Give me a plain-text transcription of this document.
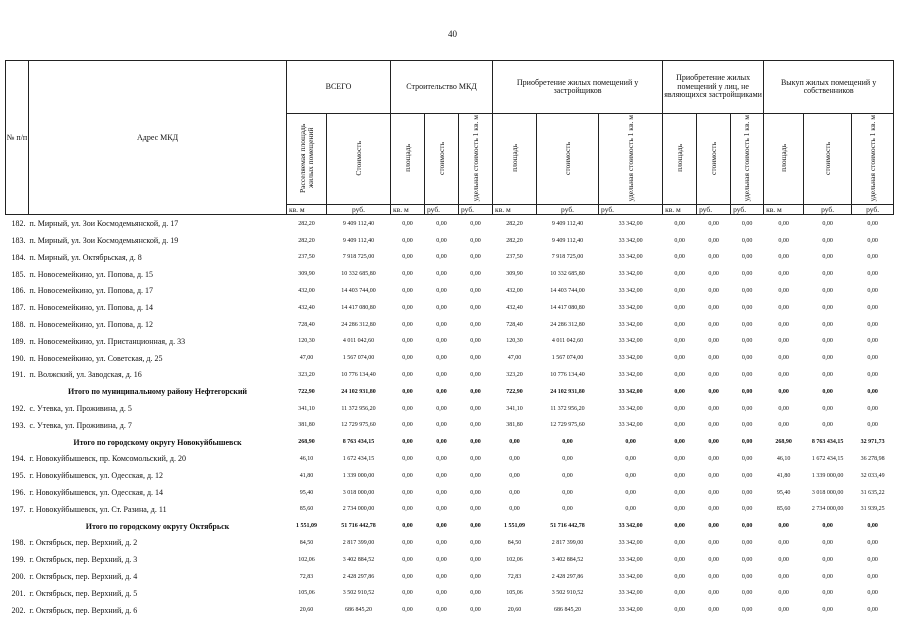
40
№ п/п	Адрес МКД	ВСЕГО		Строительство МКД			Приобретение жилых помещений у застройщиков			Приобретение жилых помещений у лиц, не являющихся застройщиками			Выкуп жилых помещений у собственников		
		Расселяемая площадь жилых помещений	Стоимость	площадь	стоимость	удельная стоимость 1 кв. м	площадь	стоимость	удельная стоимость 1 кв. м	площадь	стоимость	удельная стоимость 1 кв. м	площадь	стоимость	удельная стоимость 1 кв. м
		кв. м	руб.	кв. м	руб.	руб.	кв. м	руб.	руб.	кв. м	руб.	руб.	кв. м	руб.	руб.
182.	п. Мирный, ул. Зои Космодемьянской, д. 17	282,20	9 409 112,40	0,00	0,00	0,00	282,20	9 409 112,40	33 342,00	0,00	0,00	0,00	0,00	0,00	0,00
183.	п. Мирный, ул. Зои Космодемьянской, д. 19	282,20	9 409 112,40	0,00	0,00	0,00	282,20	9 409 112,40	33 342,00	0,00	0,00	0,00	0,00	0,00	0,00
184.	п. Мирный, ул. Октябрьская, д. 8	237,50	7 918 725,00	0,00	0,00	0,00	237,50	7 918 725,00	33 342,00	0,00	0,00	0,00	0,00	0,00	0,00
185.	п. Новосемейкино, ул. Попова, д. 15	309,90	10 332 685,80	0,00	0,00	0,00	309,90	10 332 685,80	33 342,00	0,00	0,00	0,00	0,00	0,00	0,00
186.	п. Новосемейкино, ул. Попова, д. 17	432,00	14 403 744,00	0,00	0,00	0,00	432,00	14 403 744,00	33 342,00	0,00	0,00	0,00	0,00	0,00	0,00
187.	п. Новосемейкино, ул. Попова, д. 14	432,40	14 417 080,80	0,00	0,00	0,00	432,40	14 417 080,80	33 342,00	0,00	0,00	0,00	0,00	0,00	0,00
188.	п. Новосемейкино, ул. Попова, д. 12	728,40	24 286 312,80	0,00	0,00	0,00	728,40	24 286 312,80	33 342,00	0,00	0,00	0,00	0,00	0,00	0,00
189.	п. Новосемейкино, ул. Пристанционная, д. 33	120,30	4 011 042,60	0,00	0,00	0,00	120,30	4 011 042,60	33 342,00	0,00	0,00	0,00	0,00	0,00	0,00
190.	п. Новосемейкино, ул. Советская, д. 25	47,00	1 567 074,00	0,00	0,00	0,00	47,00	1 567 074,00	33 342,00	0,00	0,00	0,00	0,00	0,00	0,00
191.	п. Волжский, ул. Заводская, д. 16	323,20	10 776 134,40	0,00	0,00	0,00	323,20	10 776 134,40	33 342,00	0,00	0,00	0,00	0,00	0,00	0,00
	Итого по муниципальному району Нефтегорский	722,90	24 102 931,80	0,00	0,00	0,00	722,90	24 102 931,80	33 342,00	0,00	0,00	0,00	0,00	0,00	0,00
192.	с. Утевка, ул. Проживина, д. 5	341,10	11 372 956,20	0,00	0,00	0,00	341,10	11 372 956,20	33 342,00	0,00	0,00	0,00	0,00	0,00	0,00
193.	с. Утевка, ул. Проживина, д. 7	381,80	12 729 975,60	0,00	0,00	0,00	381,80	12 729 975,60	33 342,00	0,00	0,00	0,00	0,00	0,00	0,00
	Итого по городскому округу Новокуйбышевск	268,90	8 763 434,15	0,00	0,00	0,00	0,00	0,00	0,00	0,00	0,00	0,00	268,90	8 763 434,15	32 971,73
194.	г. Новокуйбышевск, пр. Комсомольский, д. 20	46,10	1 672 434,15	0,00	0,00	0,00	0,00	0,00	0,00	0,00	0,00	0,00	46,10	1 672 434,15	36 278,98
195.	г. Новокуйбышевск, ул. Одесская, д. 12	41,80	1 339 000,00	0,00	0,00	0,00	0,00	0,00	0,00	0,00	0,00	0,00	41,80	1 339 000,00	32 033,49
196.	г. Новокуйбышевск, ул. Одесская, д. 14	95,40	3 018 000,00	0,00	0,00	0,00	0,00	0,00	0,00	0,00	0,00	0,00	95,40	3 018 000,00	31 635,22
197.	г. Новокуйбышевск, ул. Ст. Разина, д. 11	85,60	2 734 000,00	0,00	0,00	0,00	0,00	0,00	0,00	0,00	0,00	0,00	85,60	2 734 000,00	31 939,25
	Итого по городскому округу Октябрьск	1 551,09	51 716 442,78	0,00	0,00	0,00	1 551,09	51 716 442,78	33 342,00	0,00	0,00	0,00	0,00	0,00	0,00
198.	г. Октябрьск, пер. Верхний, д. 2	84,50	2 817 399,00	0,00	0,00	0,00	84,50	2 817 399,00	33 342,00	0,00	0,00	0,00	0,00	0,00	0,00
199.	г. Октябрьск, пер. Верхний, д. 3	102,06	3 402 884,52	0,00	0,00	0,00	102,06	3 402 884,52	33 342,00	0,00	0,00	0,00	0,00	0,00	0,00
200.	г. Октябрьск, пер. Верхний, д. 4	72,83	2 428 297,86	0,00	0,00	0,00	72,83	2 428 297,86	33 342,00	0,00	0,00	0,00	0,00	0,00	0,00
201.	г. Октябрьск, пер. Верхний, д. 5	105,06	3 502 910,52	0,00	0,00	0,00	105,06	3 502 910,52	33 342,00	0,00	0,00	0,00	0,00	0,00	0,00
202.	г. Октябрьск, пер. Верхний, д. 6	20,60	686 845,20	0,00	0,00	0,00	20,60	686 845,20	33 342,00	0,00	0,00	0,00	0,00	0,00	0,00
